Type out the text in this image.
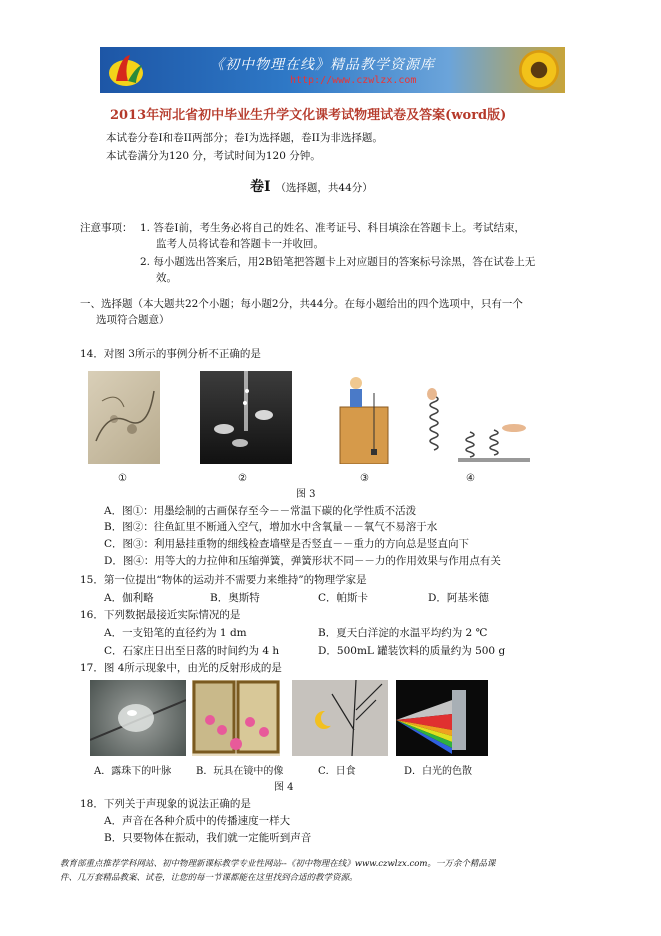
《初中物理在线》精品教学资源库
http://www.czwlzx.com
2013年河北省初中毕业生升学文化课考试物理试卷及答案(word版)
本试卷分卷I和卷II两部分；卷I为选择题，卷II为非选择题。
本试卷满分为120 分，考试时间为120 分钟。
卷Ⅰ （选择题，共44分）
注意事项： 1. 答卷Ⅰ前，考生务必将自己的姓名、准考证号、科目填涂在答题卡上。考试结束，
监考人员将试卷和答题卡一并收回。
2. 每小题选出答案后，用2B铅笔把答题卡上对应题目的答案标号涂黑，答在试卷上无
效。
一、选择题（本大题共22个小题；每小题2分，共44分。在每小题给出的四个选项中，只有一个
选项符合题意）
14．对图 3所示的事例分析不正确的是
①	②	③	④
图 3
A．图①：用墨绘制的古画保存至今－－常温下碳的化学性质不活泼
B．图②：往鱼缸里不断通入空气，增加水中含氧量－－氧气不易溶于水
C．图③：利用悬挂重物的细线检查墙壁是否竖直－－重力的方向总是竖直向下
D．图④：用等大的力拉伸和压缩弹簧，弹簧形状不同－－力的作用效果与作用点有关
15．第一位提出“物体的运动并不需要力来维持”的物理学家是
A．伽利略	B．奥斯特	C．帕斯卡	D．阿基米德
16．下列数据最接近实际情况的是
A．一支铅笔的直径约为 1 dm	B．夏天白洋淀的水温平均约为 2 ℃
C．石家庄日出至日落的时间约为 4 h	D．500mL 罐装饮料的质量约为 500 g
17．图 4所示现象中，由光的反射形成的是
A．露珠下的叶脉 B．玩具在镜中的像	C．日食	D．白光的色散
图 4
18．下列关于声现象的说法正确的是
A．声音在各种介质中的传播速度一样大
B．只要物体在振动，我们就一定能听到声音
教育部重点推荐学科网站、初中物理新课标教学专业性网站--《初中物理在线》www.czwlzx.com。一万余个精品课
件、几万套精品教案、试卷，让您的每一节课都能在这里找到合适的教学资源。
